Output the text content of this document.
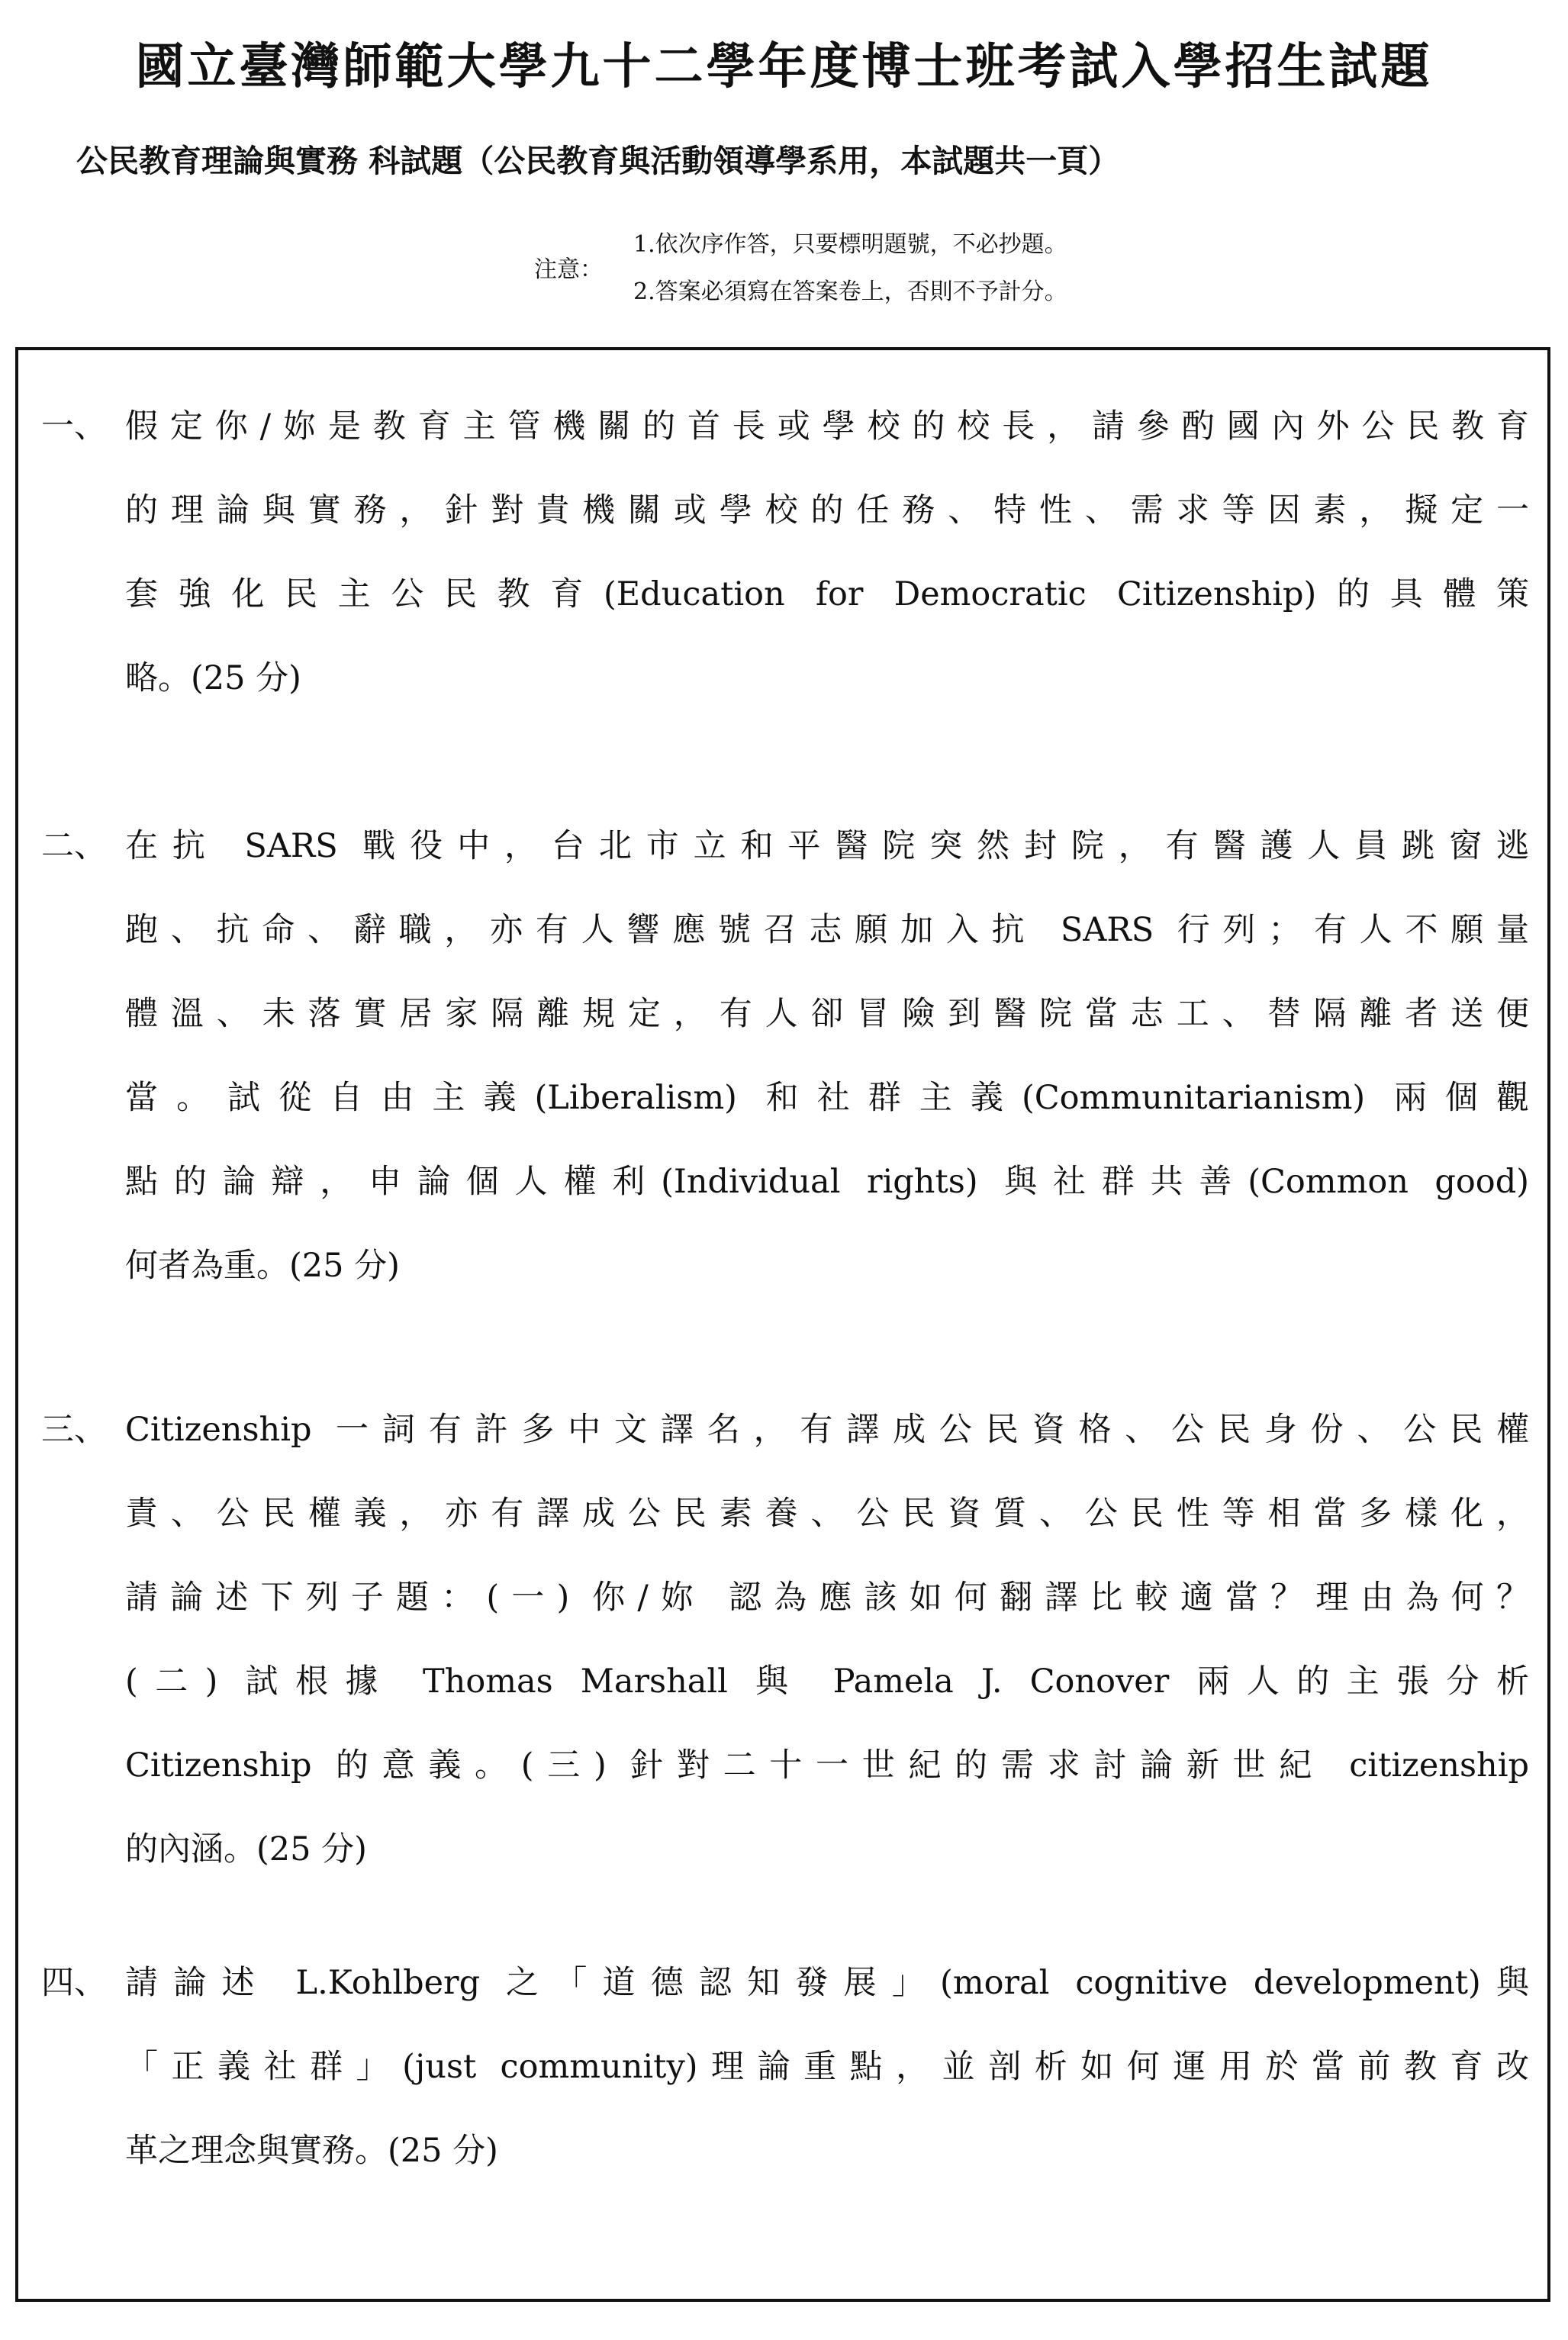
國立臺灣師範大學九十二學年度博士班考試入學招生試題
公民教育理論與實務 科試題（公民教育與活動領導學系用，本試題共一頁）
注意：
1.依次序作答，只要標明題號，不必抄題。
2.答案必須寫在答案卷上，否則不予計分。
一、 假定你/妳是教育主管機關的首長或學校的校長，請參酌國內外公民教育
的理論與實務，針對貴機關或學校的任務、特性、需求等因素，擬定一
套強化民主公民教育(Education for Democratic Citizenship)的具體策
略。(25 分)
二、 在抗 SARS 戰役中，台北市立和平醫院突然封院，有醫護人員跳窗逃
跑、抗命、辭職，亦有人響應號召志願加入抗 SARS 行列；有人不願量
體溫、未落實居家隔離規定，有人卻冒險到醫院當志工、替隔離者送便
當。試從自由主義(Liberalism) 和社群主義(Communitarianism) 兩個觀
點的論辯，申論個人權利(Individual rights) 與社群共善(Common good)
何者為重。(25 分)
三、 Citizenship 一詞有許多中文譯名，有譯成公民資格、公民身份、公民權
責、公民權義，亦有譯成公民素養、公民資質、公民性等相當多樣化，
請論述下列子題：(一) 你/妳 認為應該如何翻譯比較適當？理由為何？
(二) 試根據 Thomas Marshall 與 Pamela J. Conover 兩人的主張分析
Citizenship 的意義。(三) 針對二十一世紀的需求討論新世紀 citizenship
的內涵。(25 分)
四、 請論述 L.Kohlberg 之「道德認知發展」(moral cognitive development)與
「正義社群」(just community)理論重點，並剖析如何運用於當前教育改
革之理念與實務。(25 分)
